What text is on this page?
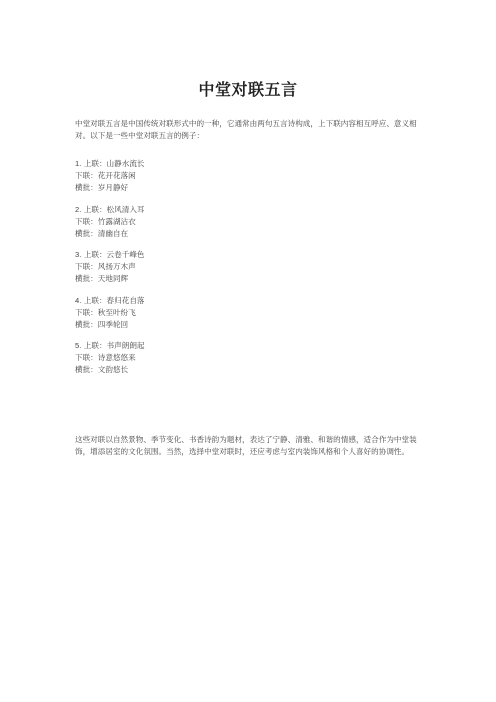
中堂对联五言
中堂对联五言是中国传统对联形式中的一种，它通常由两句五言诗构成，上下联内容相互呼应、意义相对。以下是一些中堂对联五言的例子：
1. 上联：山静水流长
下联：花开花落闲
横批：岁月静好
2. 上联：松风清入耳
下联：竹露湖沾衣
横批：清幽自在
3. 上联：云卷千峰色
下联：风扬万木声
横批：天地同辉
4. 上联：春归花自落
下联：秋至叶纷飞
横批：四季轮回
5. 上联：书声朗朗起
下联：诗意悠悠来
横批：文韵悠长
这些对联以自然景物、季节变化、书香诗韵为题材，表达了宁静、清雅、和谐的情感，适合作为中堂装饰，增添居室的文化氛围。当然，选择中堂对联时，还应考虑与室内装饰风格和个人喜好的协调性。
